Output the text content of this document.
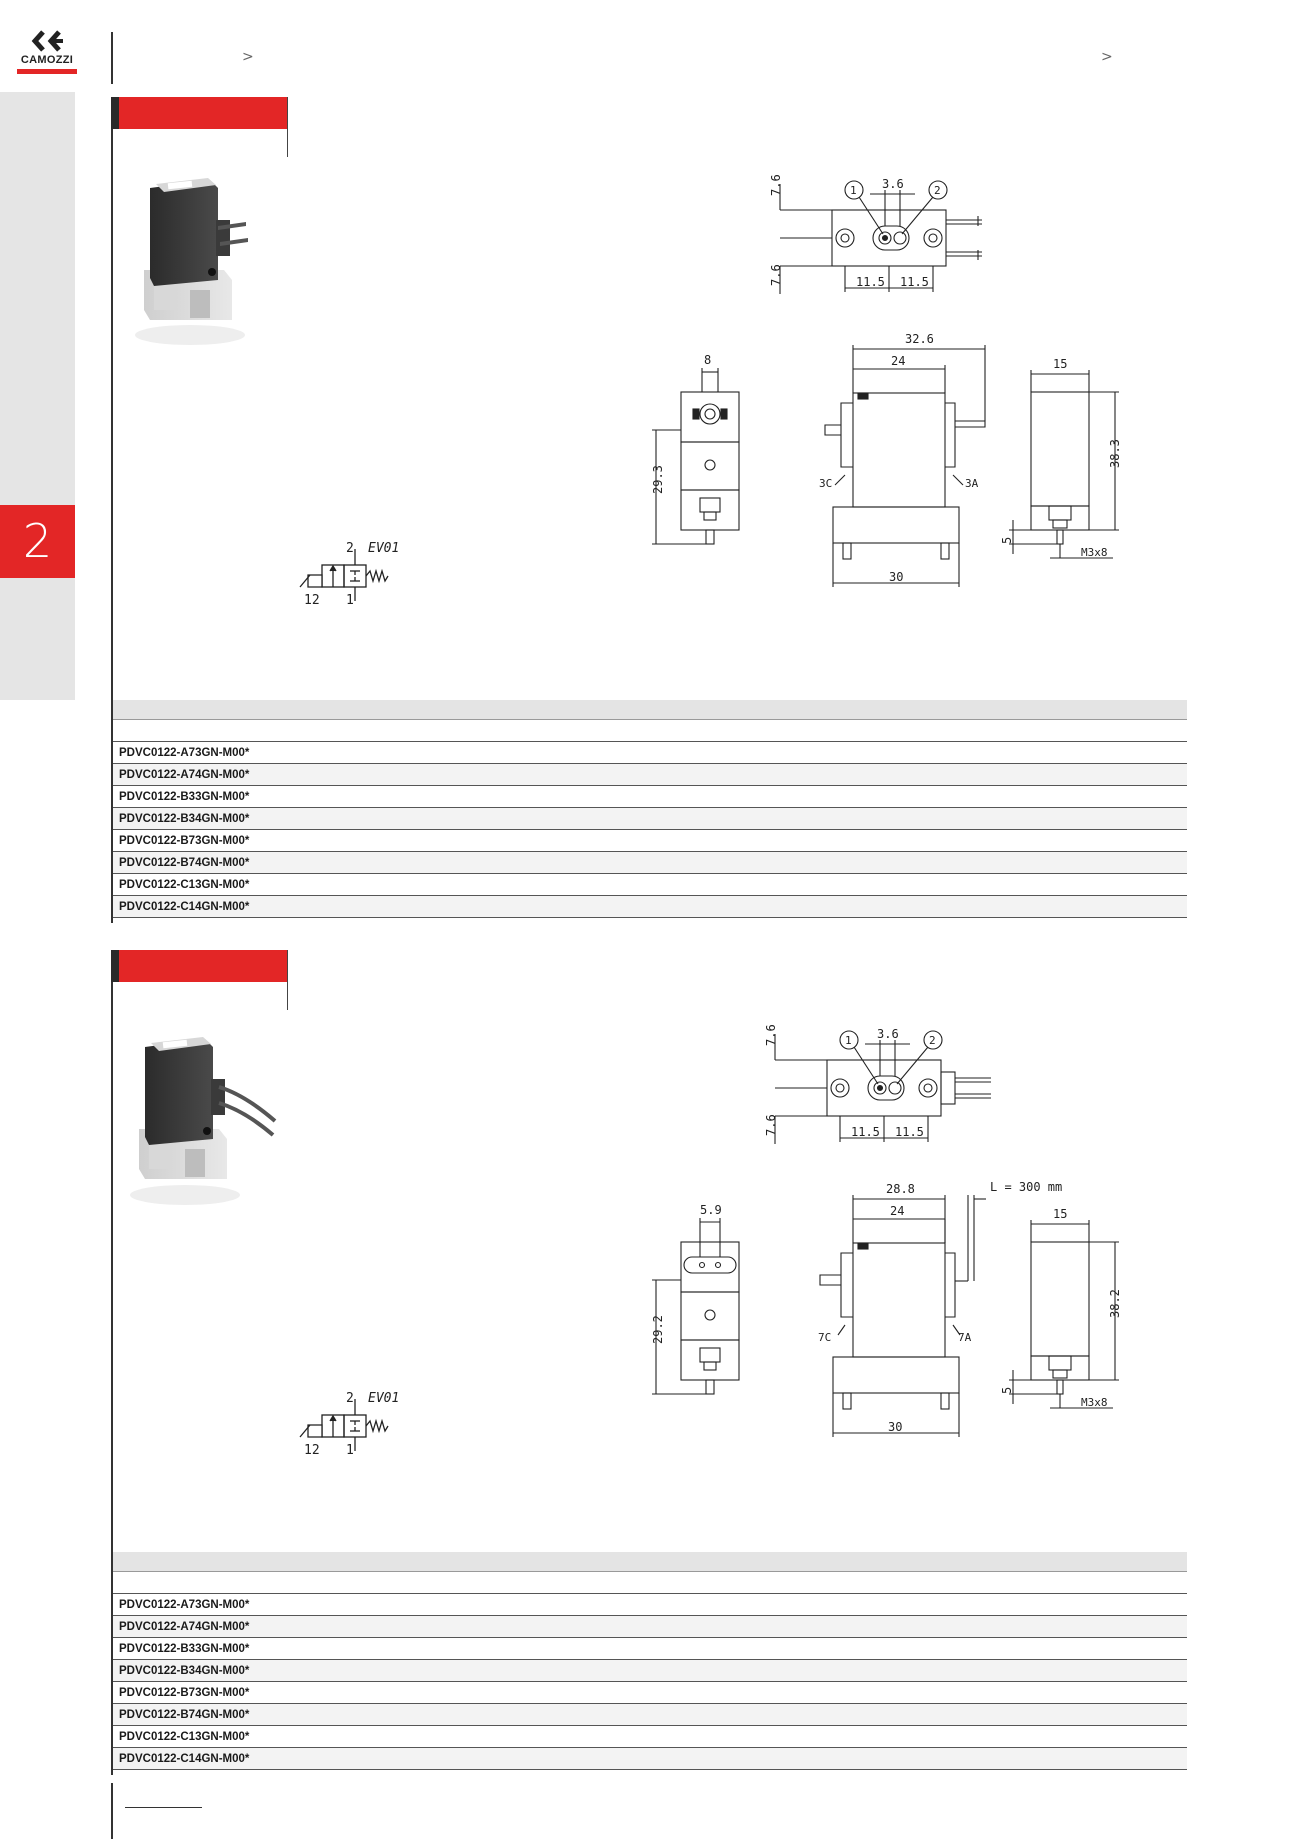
CAMOZZI	>	>
2	2 EV01
12 1
7.6
7.6
3.6
11.5 11.5
1	2
8
29.3
32.6
24
30
3C	3A
15
38.3
5
M3x8
PDVC0122-A73GN-M00*
PDVC0122-A74GN-M00*
PDVC0122-B33GN-M00*
PDVC0122-B34GN-M00*
PDVC0122-B73GN-M00*
PDVC0122-B74GN-M00*
PDVC0122-C13GN-M00*
PDVC0122-C14GN-M00*
2 EV01
12 1
7.6
7.6
3.6
11.5 11.5
1	2
5.9
29.2
28.8
24
30
7C	7A
L = 300 mm
15
38.2
5
M3x8
PDVC0122-A73GN-M00*
PDVC0122-A74GN-M00*
PDVC0122-B33GN-M00*
PDVC0122-B34GN-M00*
PDVC0122-B73GN-M00*
PDVC0122-B74GN-M00*
PDVC0122-C13GN-M00*
PDVC0122-C14GN-M00*
